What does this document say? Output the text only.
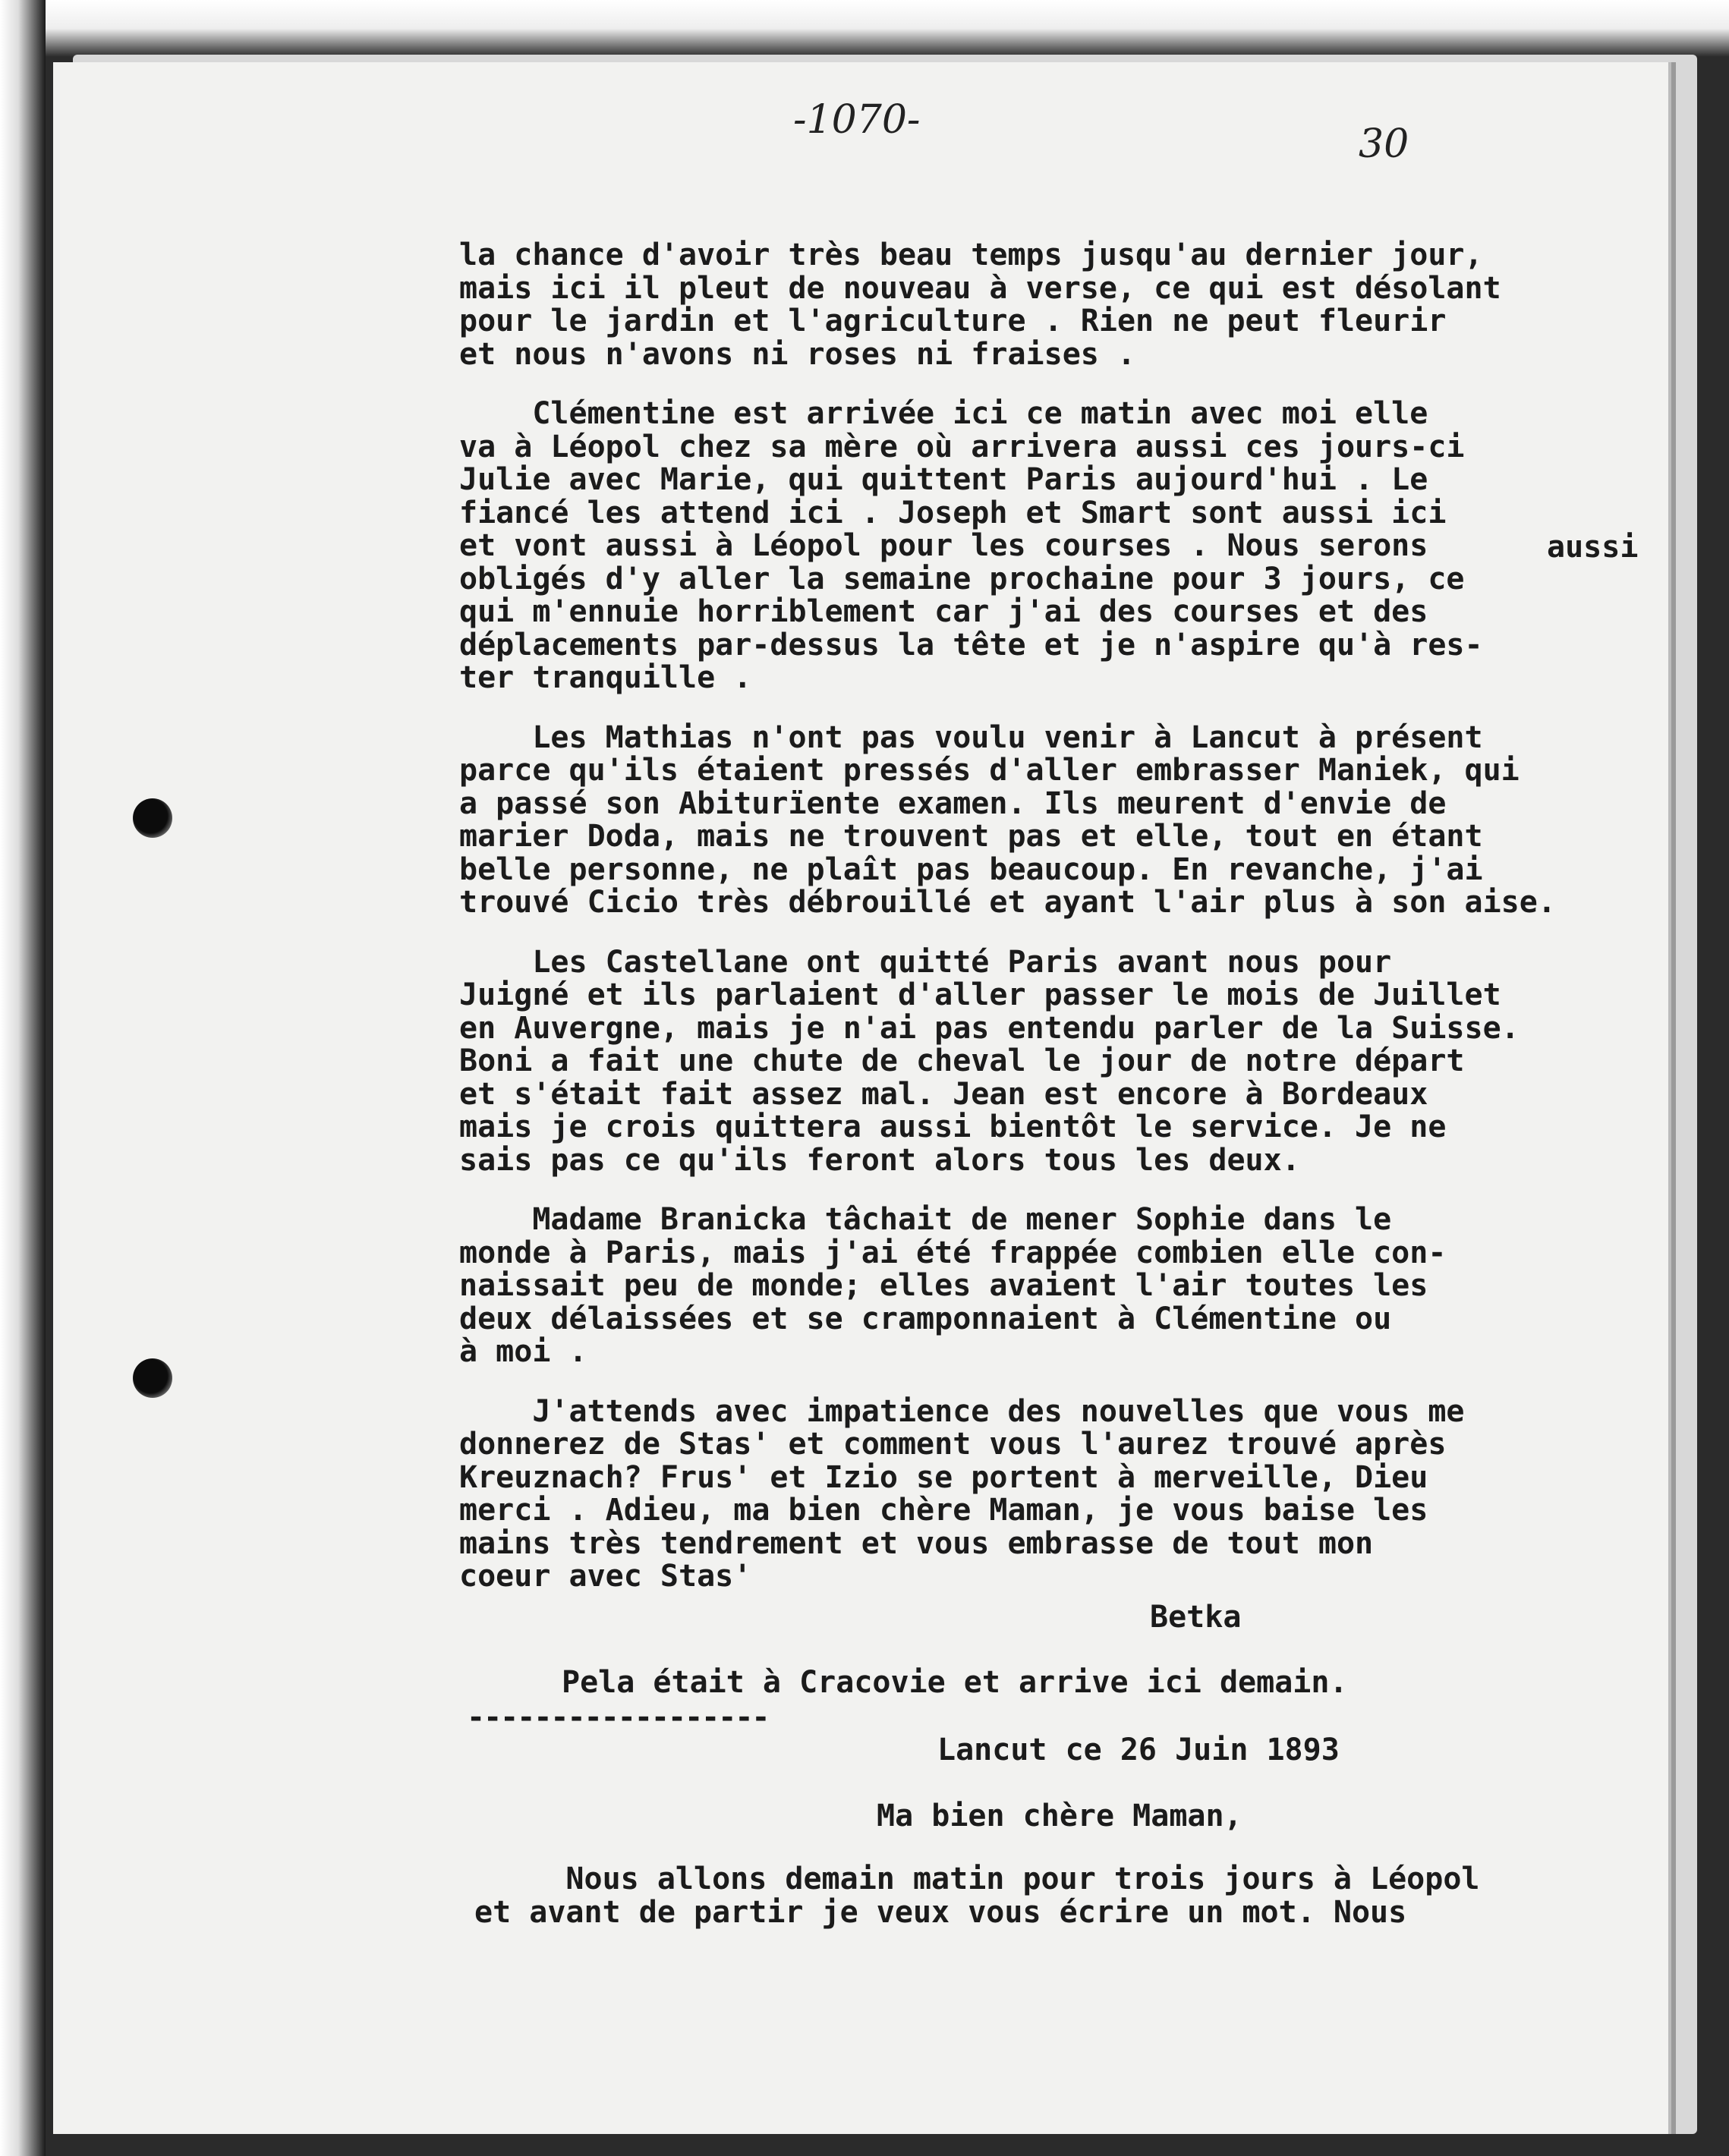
-1070-
30
la chance d'avoir très beau temps jusqu'au dernier jour,
mais ici il pleut de nouveau à verse, ce qui est désolant
pour le jardin et l'agriculture . Rien ne peut fleurir
et nous n'avons ni roses ni fraises .
Clémentine est arrivée ici ce matin avec moi elle
va à Léopol chez sa mère où arrivera aussi ces jours-ci
Julie avec Marie, qui quittent Paris aujourd'hui . Le
fiancé les attend ici . Joseph et Smart sont aussi ici
et vont aussi à Léopol pour les courses . Nous serons
obligés d'y aller la semaine prochaine pour 3 jours, ce
qui m'ennuie horriblement car j'ai des courses et des
déplacements par-dessus la tête et je n'aspire qu'à res-
ter tranquille .
Les Mathias n'ont pas voulu venir à Lancut à présent
parce qu'ils étaient pressés d'aller embrasser Maniek, qui
a passé son Abiturïente examen. Ils meurent d'envie de
marier Doda, mais ne trouvent pas et elle, tout en étant
belle personne, ne plaît pas beaucoup. En revanche, j'ai
trouvé Cicio très débrouillé et ayant l'air plus à son aise.
Les Castellane ont quitté Paris avant nous pour
Juigné et ils parlaient d'aller passer le mois de Juillet
en Auvergne, mais je n'ai pas entendu parler de la Suisse.
Boni a fait une chute de cheval le jour de notre départ
et s'était fait assez mal. Jean est encore à Bordeaux
mais je crois quittera aussi bientôt le service. Je ne
sais pas ce qu'ils feront alors tous les deux.
Madame Branicka tâchait de mener Sophie dans le
monde à Paris, mais j'ai été frappée combien elle con-
naissait peu de monde; elles avaient l'air toutes les
deux délaissées et se cramponnaient à Clémentine ou
à moi .
J'attends avec impatience des nouvelles que vous me
donnerez de Stas' et comment vous l'aurez trouvé après
Kreuznach? Frus' et Izio se portent à merveille, Dieu
merci . Adieu, ma bien chère Maman, je vous baise les
mains très tendrement et vous embrasse de tout mon
coeur avec Stas'
aussi
Betka
Pela était à Cracovie et arrive ici demain.
------------------
Lancut ce 26 Juin 1893
Ma bien chère Maman,
Nous allons demain matin pour trois jours à Léopol
et avant de partir je veux vous écrire un mot. Nous
